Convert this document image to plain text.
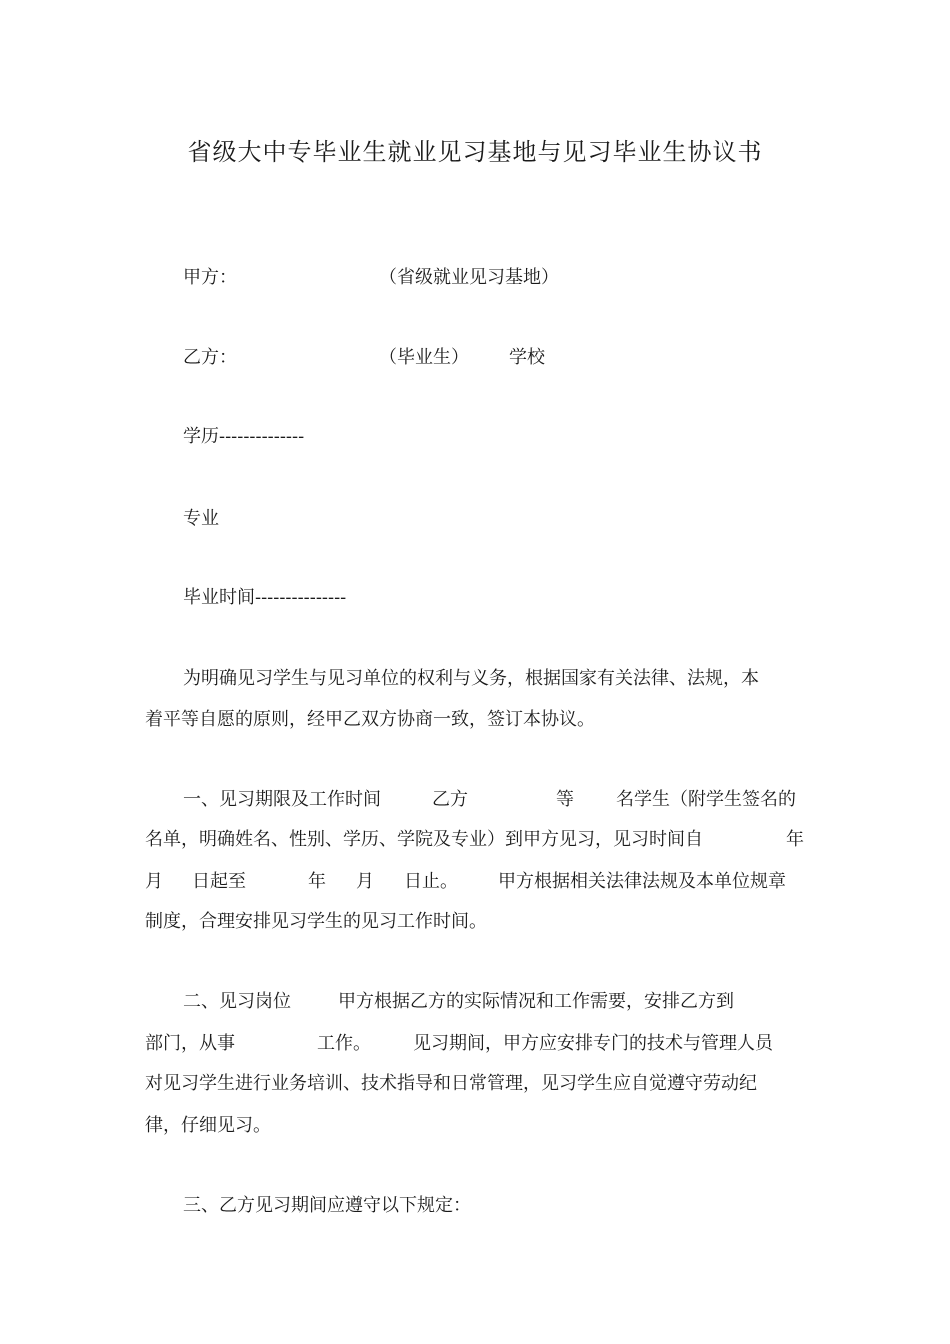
省级大中专毕业生就业见习基地与见习毕业生协议书
甲方：	（省级就业见习基地）
乙方：	（毕业生） 学校
学历--------------
专业
毕业时间---------------
为明确见习学生与见习单位的权利与义务，根据国家有关法律、法规，本
着平等自愿的原则，经甲乙双方协商一致，签订本协议。
一、见习期限及工作时间	乙方	等 名学生（附学生签名的
名单，明确姓名、性别、学历、学院及专业）到甲方见习，见习时间自	年
月 日起至	年 月 日止。 甲方根据相关法律法规及本单位规章
制度，合理安排见习学生的见习工作时间。
二、见习岗位	甲方根据乙方的实际情况和工作需要，安排乙方到
部门，从事	工作。 见习期间，甲方应安排专门的技术与管理人员
对见习学生进行业务培训、技术指导和日常管理，见习学生应自觉遵守劳动纪
律，仔细见习。
三、乙方见习期间应遵守以下规定：
